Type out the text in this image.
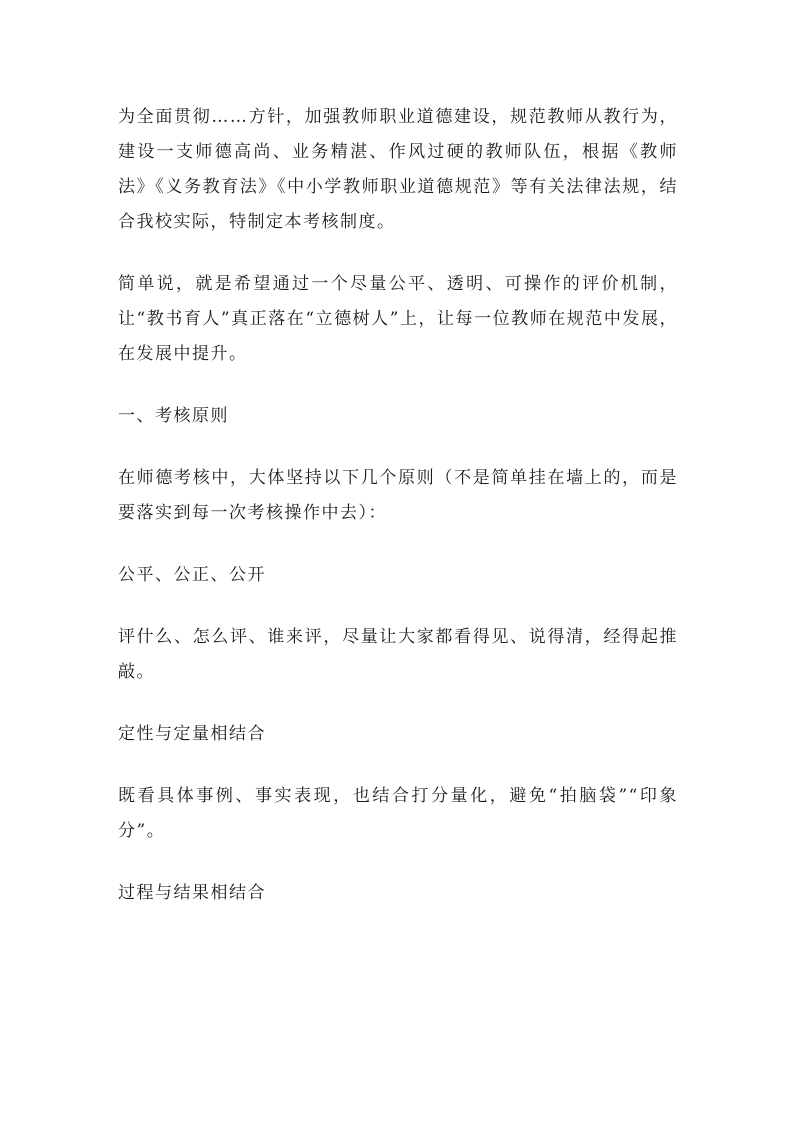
为全面贯彻……方针，加强教师职业道德建设，规范教师从教行为，建设一支师德高尚、业务精湛、作风过硬的教师队伍，根据《教师法》《义务教育法》《中小学教师职业道德规范》等有关法律法规，结合我校实际，特制定本考核制度。

简单说，就是希望通过一个尽量公平、透明、可操作的评价机制，让“教书育人”真正落在“立德树人”上，让每一位教师在规范中发展，在发展中提升。

一、考核原则

在师德考核中，大体坚持以下几个原则（不是简单挂在墙上的，而是要落实到每一次考核操作中去）：

公平、公正、公开

评什么、怎么评、谁来评，尽量让大家都看得见、说得清，经得起推敲。

定性与定量相结合

既看具体事例、事实表现，也结合打分量化，避免“拍脑袋”“印象分”。

过程与结果相结合
